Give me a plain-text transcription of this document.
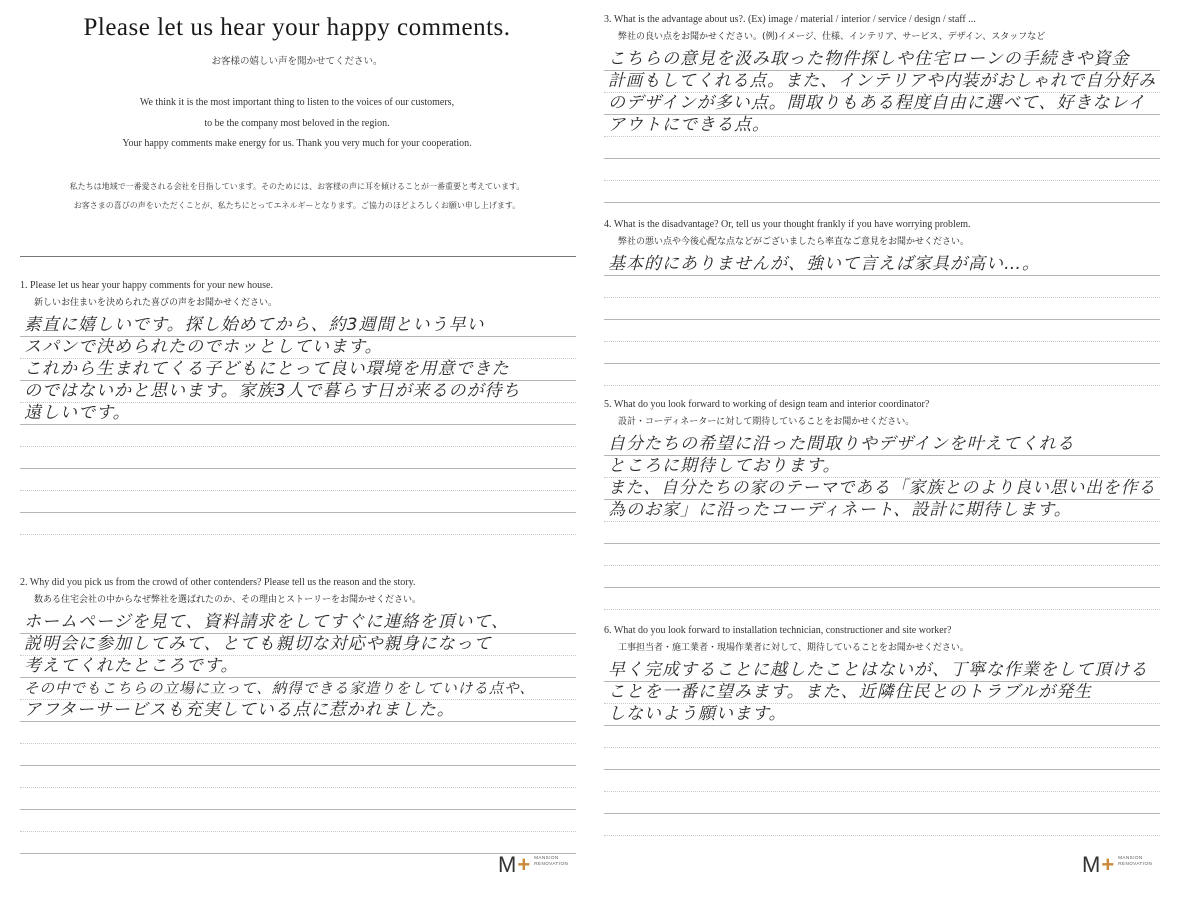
Please let us hear your happy comments.
お客様の嬉しい声を聞かせてください。
We think it is the most important thing to listen to the voices of our customers,
to be the company most beloved in the region.
Your happy comments make energy for us. Thank you very much for your cooperation.
私たちは地域で一番愛される会社を目指しています。そのためには、お客様の声に耳を傾けることが一番重要と考えています。
お客さまの喜びの声をいただくことが、私たちにとってエネルギーとなります。ご協力のほどよろしくお願い申し上げます。
1. Please let us hear your happy comments for your new house.
新しいお住まいを決められた喜びの声をお聞かせください。
素直に嬉しいです。探し始めてから、約3週間という早い
スパンで決められたのでホッとしています。
これから生まれてくる子どもにとって良い環境を用意できた
のではないかと思います。家族3人で暮らす日が来るのが待ち
遠しいです。
2. Why did you pick us from the crowd of other contenders? Please tell us the reason and the story.
数ある住宅会社の中からなぜ弊社を選ばれたのか、その理由とストーリーをお聞かせください。
ホームページを見て、資料請求をしてすぐに連絡を頂いて、
説明会に参加してみて、とても親切な対応や親身になって
考えてくれたところです。
その中でもこちらの立場に立って、納得できる家造りをしていける点や、
アフターサービスも充実している点に惹かれました。
M + MANSION
RENOVATION
3. What is the advantage about us?. (Ex) image / material / interior / service / design / staff ...
弊社の良い点をお聞かせください。(例)イメージ、仕様、インテリア、サービス、デザイン、スタッフなど
こちらの意見を汲み取った物件探しや住宅ローンの手続きや資金
計画もしてくれる点。また、インテリアや内装がおしゃれで自分好み
のデザインが多い点。間取りもある程度自由に選べて、好きなレイ
アウトにできる点。
4. What is the disadvantage? Or, tell us your thought frankly if you have worrying problem.
弊社の悪い点や今後心配な点などがございましたら率直なご意見をお聞かせください。
基本的にありませんが、強いて言えば家具が高い…。
5. What do you look forward to working of design team and interior coordinator?
設計・コーディネーターに対して期待していることをお聞かせください。
自分たちの希望に沿った間取りやデザインを叶えてくれる
ところに期待しております。
また、自分たちの家のテーマである「家族とのより良い思い出を作る
為のお家」に沿ったコーディネート、設計に期待します。
6. What do you look forward to installation technician, constructioner and site worker?
工事担当者・施工業者・現場作業者に対して、期待していることをお聞かせください。
早く完成することに越したことはないが、丁寧な作業をして頂ける
ことを一番に望みます。また、近隣住民とのトラブルが発生
しないよう願います。
M + MANSION
RENOVATION
